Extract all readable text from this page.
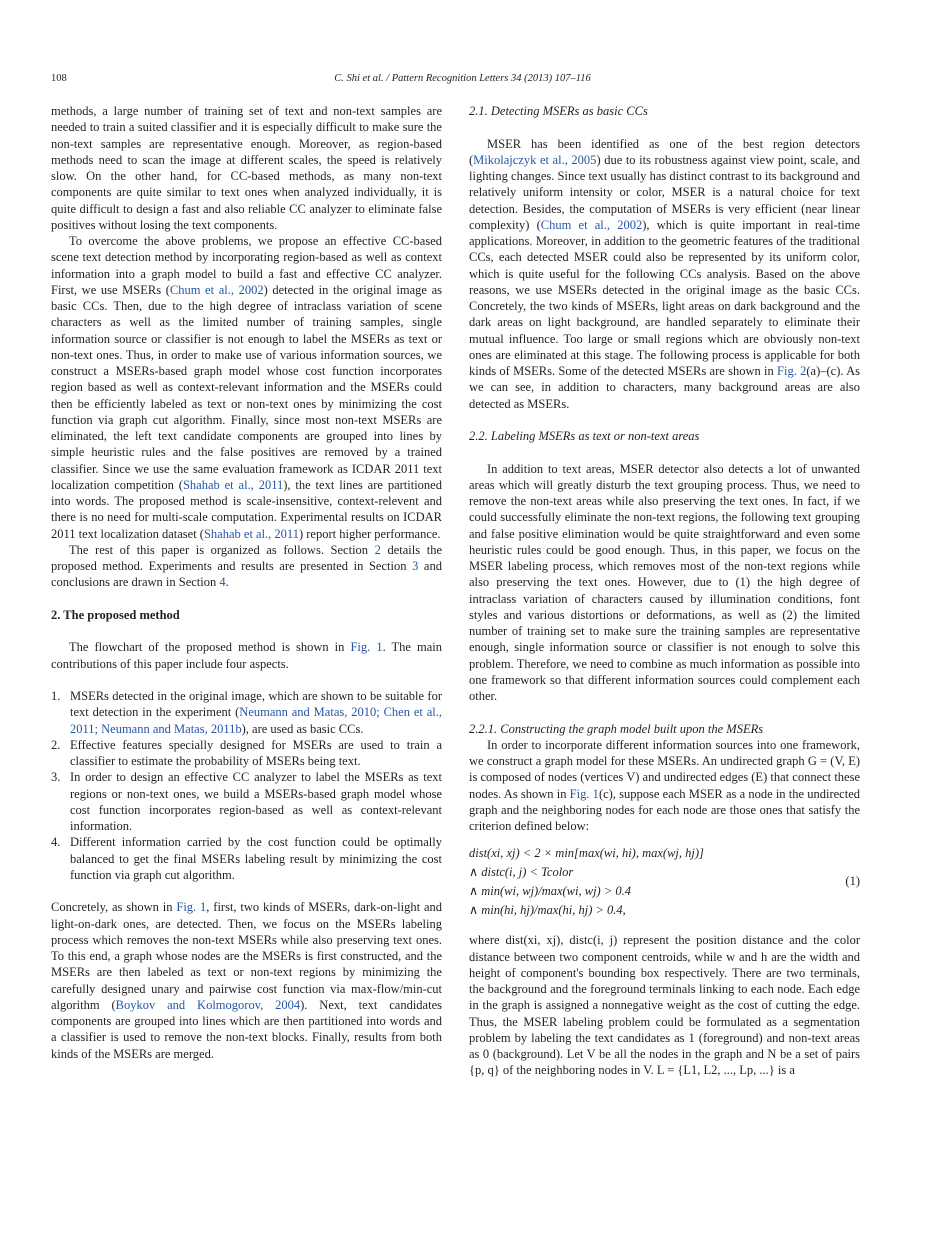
108	C. Shi et al. / Pattern Recognition Letters 34 (2013) 107–116

methods, a large number of training set of text and non-text samples are needed to train a suited classifier and it is especially difficult to make sure the non-text samples are representative enough. Moreover, as region-based methods need to scan the image at different scales, the speed is relatively slow. On the other hand, for CC-based methods, as many non-text components are quite similar to text ones when analyzed individually, it is quite difficult to design a fast and also reliable CC analyzer to eliminate false positives without losing the text components.

To overcome the above problems, we propose an effective CC-based scene text detection method by incorporating region-based as well as context information into a graph model to build a fast and effective CC analyzer. First, we use MSERs (Chum et al., 2002) detected in the original image as basic CCs. Then, due to the high degree of intraclass variation of scene characters as well as the limited number of training samples, single information source or classifier is not enough to label the MSERs as text or non-text ones. Thus, in order to make use of various information sources, we construct a MSERs-based graph model whose cost function incorporates region based as well as context-relevant information and the MSERs could then be efficiently labeled as text or non-text ones by minimizing the cost function via graph cut algorithm. Finally, since most non-text MSERs are eliminated, the left text candidate components are grouped into lines by simple heuristic rules and the false positives are removed by a trained classifier. Since we use the same evaluation framework as ICDAR 2011 text localization competition (Shahab et al., 2011), the text lines are partitioned into words. The proposed method is scale-insensitive, context-relevent and there is no need for multi-scale computation. Experimental results on ICDAR 2011 text localization dataset (Shahab et al., 2011) report higher performance.

The rest of this paper is organized as follows. Section 2 details the proposed method. Experiments and results are presented in Section 3 and conclusions are drawn in Section 4.

2. The proposed method

The flowchart of the proposed method is shown in Fig. 1. The main contributions of this paper include four aspects.

1. MSERs detected in the original image, which are shown to be suitable for text detection in the experiment (Neumann and Matas, 2010; Chen et al., 2011; Neumann and Matas, 2011b), are used as basic CCs.
2. Effective features specially designed for MSERs are used to train a classifier to estimate the probability of MSERs being text.
3. In order to design an effective CC analyzer to label the MSERs as text regions or non-text ones, we build a MSERs-based graph model whose cost function incorporates region-based as well as context-relevant information.
4. Different information carried by the cost function could be optimally balanced to get the final MSERs labeling result by minimizing the cost function via graph cut algorithm.

Concretely, as shown in Fig. 1, first, two kinds of MSERs, dark-on-light and light-on-dark ones, are detected. Then, we focus on the MSERs labeling process which removes the non-text MSERs while also preserving text ones. To this end, a graph whose nodes are the MSERs is first constructed, and the MSERs are then labeled as text or non-text regions by minimizing the carefully designed unary and pairwise cost function via max-flow/min-cut algorithm (Boykov and Kolmogorov, 2004). Next, text candidates components are grouped into lines which are then partitioned into words and a classifier is used to remove the non-text blocks. Finally, results from both kinds of the MSERs are merged.

2.1. Detecting MSERs as basic CCs

MSER has been identified as one of the best region detectors (Mikolajczyk et al., 2005) due to its robustness against view point, scale, and lighting changes. Since text usually has distinct contrast to its background and relatively uniform intensity or color, MSER is a natural choice for text detection. Besides, the computation of MSERs is very efficient (near linear complexity) (Chum et al., 2002), which is quite important in real-time applications. Moreover, in addition to the geometric features of the traditional CCs, each detected MSER could also be represented by its uniform color, which is quite useful for the following CCs analysis. Based on the above reasons, we use MSERs detected in the original image as the basic CCs. Concretely, the two kinds of MSERs, light areas on dark background and the dark areas on light background, are handled separately to eliminate their mutual influence. Too large or small regions which are obviously non-text ones are eliminated at this stage. The following process is applicable for both kinds of MSERs. Some of the detected MSERs are shown in Fig. 2(a)–(c). As we can see, in addition to characters, many background areas are also detected as MSERs.

2.2. Labeling MSERs as text or non-text areas

In addition to text areas, MSER detector also detects a lot of unwanted areas which will greatly disturb the text grouping process. Thus, we need to remove the non-text areas while also preserving the text ones. In fact, if we could successfully eliminate the non-text regions, the following text grouping and false positive elimination would be quite straightforward and even some heuristic rules could be good enough. Thus, in this paper, we focus on the MSER labeling process, which removes most of the non-text regions while also preserving the text ones. However, due to (1) the high degree of intraclass variation of characters caused by illumination conditions, font styles and various distortions or deformations, as well as (2) the limited number of training set to make sure the training samples are representative enough, single information source or classifier is not enough to solve this problem. Therefore, we need to combine as much information as possible into one framework so that different information sources could complement each other.

2.2.1. Constructing the graph model built upon the MSERs

In order to incorporate different information sources into one framework, we construct a graph model for these MSERs. An undirected graph G = (V, E) is composed of nodes (vertices V) and undirected edges (E) that connect these nodes. As shown in Fig. 1(c), suppose each MSER as a node in the undirected graph and the neighboring nodes for each node are those ones that satisfy the criterion defined below:

dist(xi, xj) < 2 × min[max(wi, hi), max(wj, hj)]
∧ distc(i, j) < Tcolor
∧ min(wi, wj)/max(wi, wj) > 0.4
∧ min(hi, hj)/max(hi, hj) > 0.4,
(1)

where dist(xi, xj), distc(i, j) represent the position distance and the color distance between two component centroids, while w and h are the width and height of component's bounding box respectively. There are two terminals, the background and the foreground terminals linking to each node. Each edge in the graph is assigned a nonnegative weight as the cost of cutting the edge. Thus, the MSER labeling problem could be formulated as a segmentation problem by labeling the text candidates as 1 (foreground) and non-text areas as 0 (background). Let V be all the nodes in the graph and N be a set of pairs {p, q} of the neighboring nodes in V. L = {L1, L2, ..., Lp, ...} is a
